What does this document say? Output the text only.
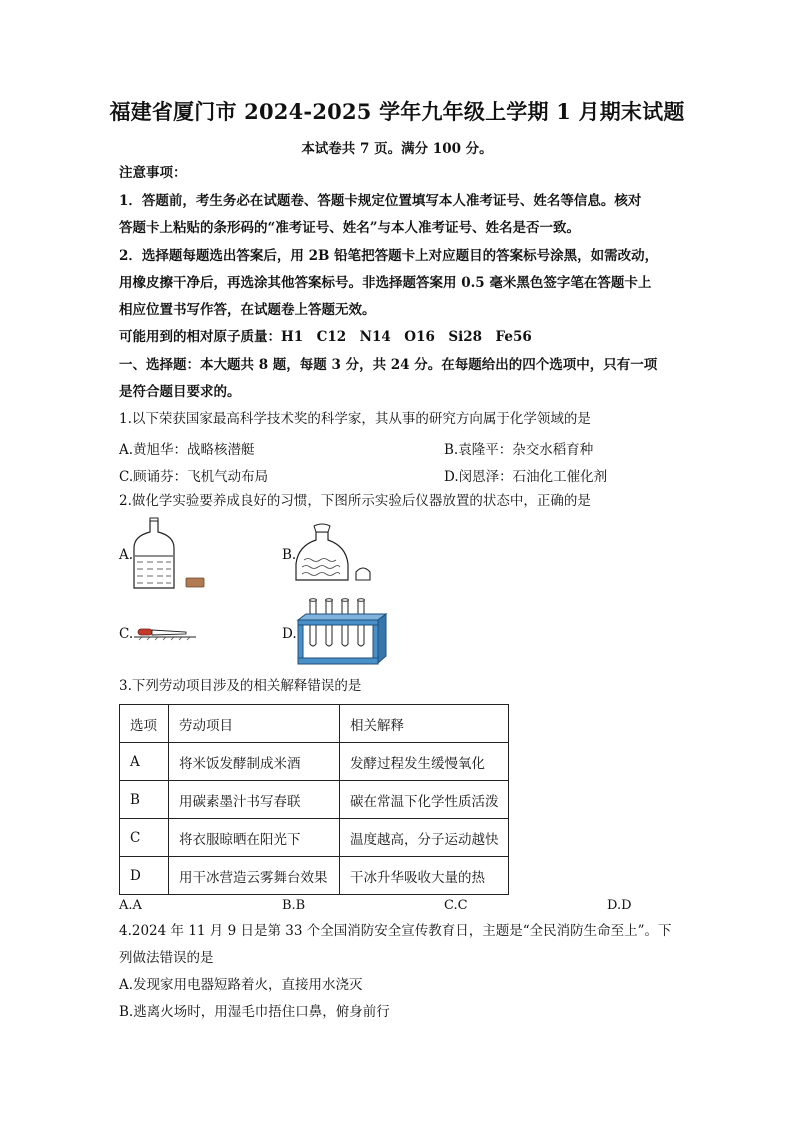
福建省厦门市 2024-2025 学年九年级上学期 1 月期末试题
本试卷共 7 页。满分 100 分。
注意事项：
1．答题前，考生务必在试题卷、答题卡规定位置填写本人准考证号、姓名等信息。核对
答题卡上粘贴的条形码的“准考证号、姓名”与本人准考证号、姓名是否一致。
2．选择题每题选出答案后，用 2B 铅笔把答题卡上对应题目的答案标号涂黑，如需改动，
用橡皮擦干净后，再选涂其他答案标号。非选择题答案用 0.5 毫米黑色签字笔在答题卡上
相应位置书写作答，在试题卷上答题无效。
可能用到的相对原子质量：H1　C12　N14　O16　Si28　Fe56
一、选择题：本大题共 8 题，每题 3 分，共 24 分。在每题给出的四个选项中，只有一项
是符合题目要求的。
1.以下荣获国家最高科学技术奖的科学家，其从事的研究方向属于化学领域的是
A.黄旭华：战略核潜艇	B.袁隆平：杂交水稻育种
C.顾诵芬：飞机气动布局	D.闵恩泽：石油化工催化剂
2.做化学实验要养成良好的习惯，下图所示实验后仪器放置的状态中，正确的是
A.	B.
C.	D.
3.下列劳动项目涉及的相关解释错误的是
选项	劳动项目	相关解释
A	将米饭发酵制成米酒	发酵过程发生缓慢氧化
B	用碳素墨汁书写春联	碳在常温下化学性质活泼
C	将衣服晾晒在阳光下	温度越高，分子运动越快
D	用干冰营造云雾舞台效果	干冰升华吸收大量的热
A.A	B.B	C.C	D.D
4.2024 年 11 月 9 日是第 33 个全国消防安全宣传教育日，主题是“全民消防生命至上”。下
列做法错误的是
A.发现家用电器短路着火，直接用水浇灭
B.逃离火场时，用湿毛巾捂住口鼻，俯身前行
